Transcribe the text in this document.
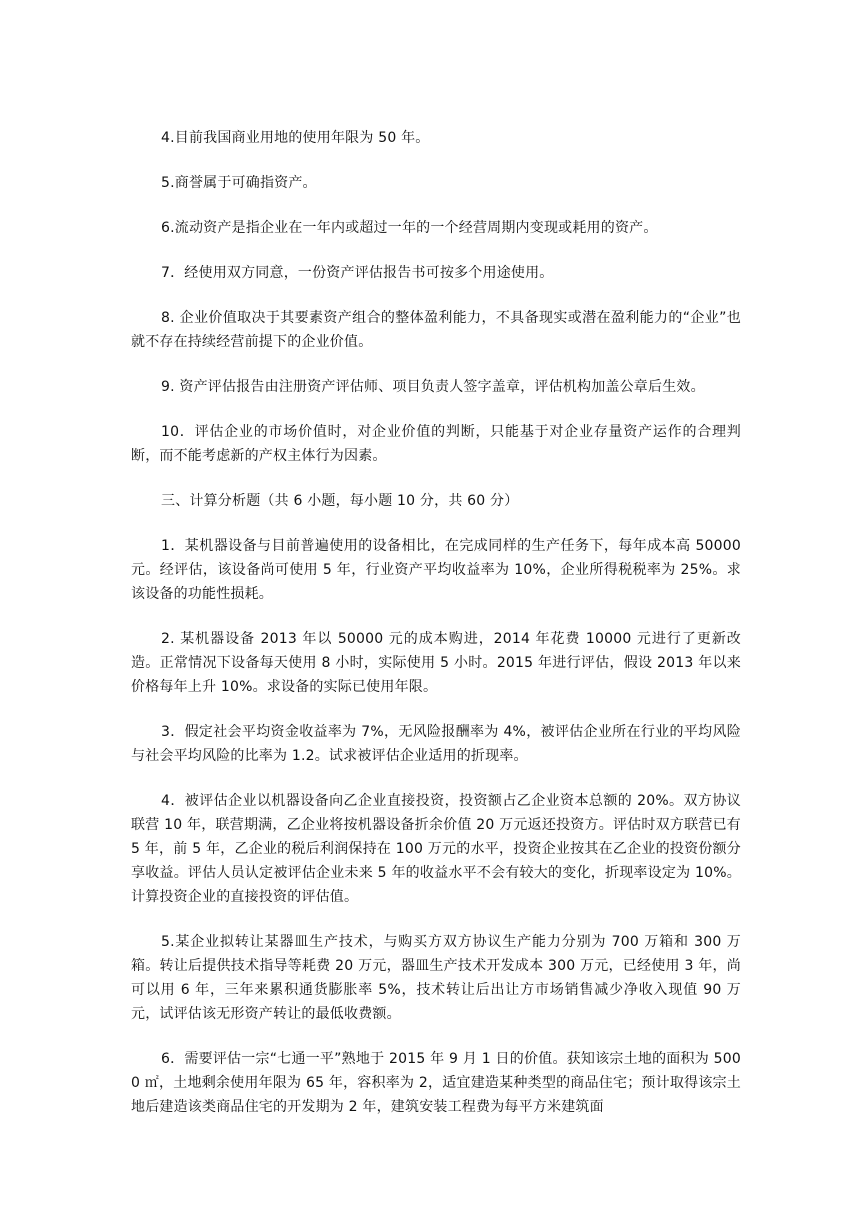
4.目前我国商业用地的使用年限为 50 年。

5.商誉属于可确指资产。

6.流动资产是指企业在一年内或超过一年的一个经营周期内变现或耗用的资产。

7．经使用双方同意，一份资产评估报告书可按多个用途使用。

8. 企业价值取决于其要素资产组合的整体盈利能力，不具备现实或潜在盈利能力的“企业”也就不存在持续经营前提下的企业价值。

9. 资产评估报告由注册资产评估师、项目负责人签字盖章，评估机构加盖公章后生效。

10．评估企业的市场价值时，对企业价值的判断，只能基于对企业存量资产运作的合理判断，而不能考虑新的产权主体行为因素。

三、计算分析题（共 6 小题，每小题 10 分，共 60 分）

1．某机器设备与目前普遍使用的设备相比，在完成同样的生产任务下，每年成本高 50000 元。经评估，该设备尚可使用 5 年，行业资产平均收益率为 10%，企业所得税税率为 25%。求该设备的功能性损耗。

2. 某机器设备 2013 年以 50000 元的成本购进，2014 年花费 10000 元进行了更新改造。正常情况下设备每天使用 8 小时，实际使用 5 小时。2015 年进行评估，假设 2013 年以来价格每年上升 10%。求设备的实际已使用年限。

3．假定社会平均资金收益率为 7%，无风险报酬率为 4%，被评估企业所在行业的平均风险与社会平均风险的比率为 1.2。试求被评估企业适用的折现率。

4．被评估企业以机器设备向乙企业直接投资，投资额占乙企业资本总额的 20%。双方协议联营 10 年，联营期满，乙企业将按机器设备折余价值 20 万元返还投资方。评估时双方联营已有 5 年，前 5 年，乙企业的税后利润保持在 100 万元的水平，投资企业按其在乙企业的投资份额分享收益。评估人员认定被评估企业未来 5 年的收益水平不会有较大的变化，折现率设定为 10%。计算投资企业的直接投资的评估值。

5.某企业拟转让某器皿生产技术，与购买方双方协议生产能力分别为 700 万箱和 300 万箱。转让后提供技术指导等耗费 20 万元，器皿生产技术开发成本 300 万元，已经使用 3 年，尚可以用 6 年，三年来累积通货膨胀率 5%，技术转让后出让方市场销售减少净收入现值 90 万元，试评估该无形资产转让的最低收费额。

6．需要评估一宗“七通一平”熟地于 2015 年 9 月 1 日的价值。获知该宗土地的面积为 5000 ㎡，土地剩余使用年限为 65 年，容积率为 2，适宜建造某种类型的商品住宅；预计取得该宗土地后建造该类商品住宅的开发期为 2 年，建筑安装工程费为每平方米建筑面
